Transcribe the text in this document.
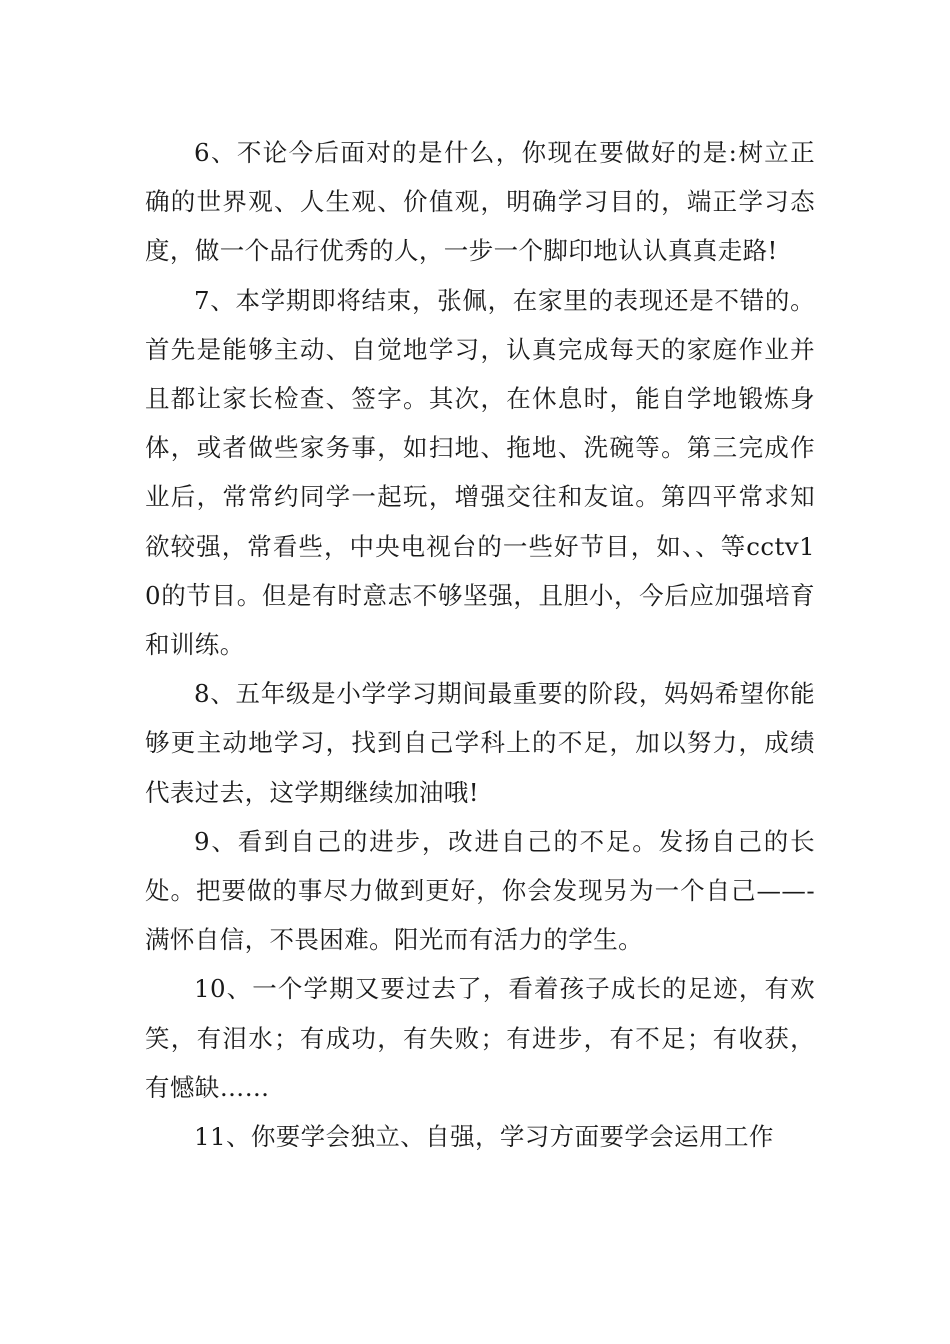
6、不论今后面对的是什么，你现在要做好的是:树立正确的世界观、人生观、价值观，明确学习目的，端正学习态度，做一个品行优秀的人，一步一个脚印地认认真真走路!

7、本学期即将结束，张佩，在家里的表现还是不错的。首先是能够主动、自觉地学习，认真完成每天的家庭作业并且都让家长检查、签字。其次，在休息时，能自学地锻炼身体，或者做些家务事，如扫地、拖地、洗碗等。第三完成作业后，常常约同学一起玩，增强交往和友谊。第四平常求知欲较强，常看些，中央电视台的一些好节目，如、、等cctv10的节目。但是有时意志不够坚强，且胆小，今后应加强培育和训练。

8、五年级是小学学习期间最重要的阶段，妈妈希望你能够更主动地学习，找到自己学科上的不足，加以努力，成绩代表过去，这学期继续加油哦!

9、看到自己的进步，改进自己的不足。发扬自己的长处。把要做的事尽力做到更好，你会发现另为一个自己——-满怀自信，不畏困难。阳光而有活力的学生。

10、一个学期又要过去了，看着孩子成长的足迹，有欢笑，有泪水；有成功，有失败；有进步，有不足；有收获，有憾缺……

11、你要学会独立、自强，学习方面要学会运用工作
